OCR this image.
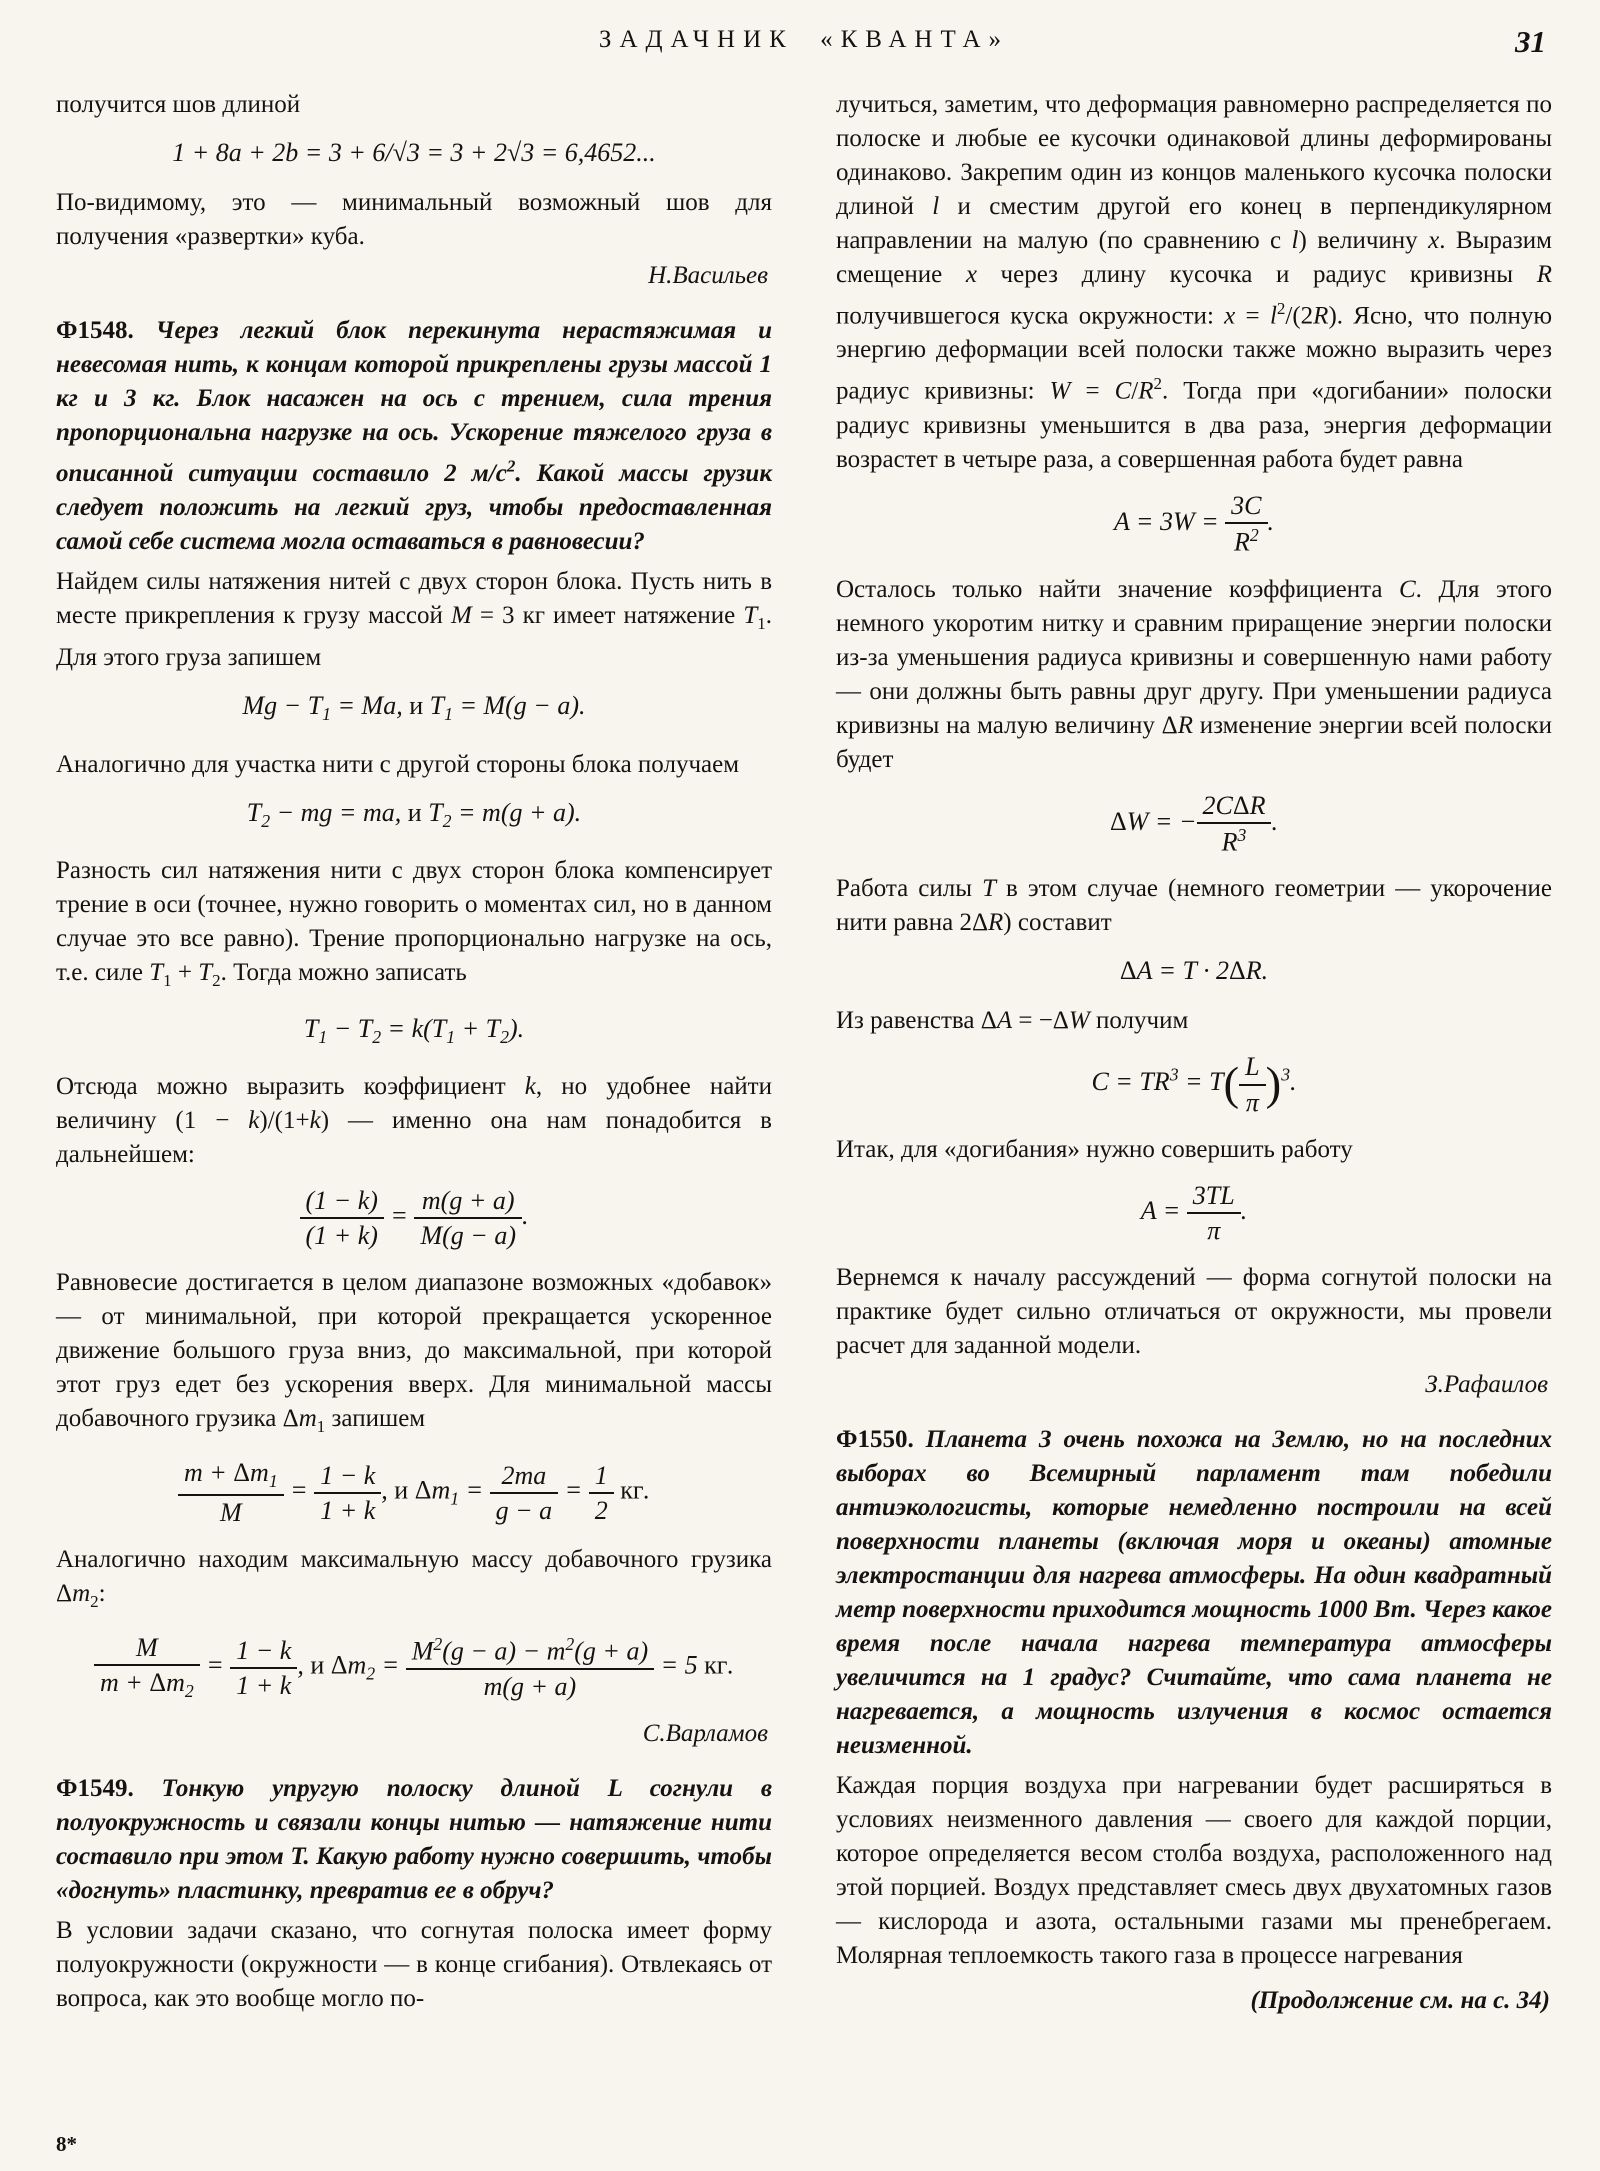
ЗАДАЧНИК «КВАНТА»	31

получится шов длиной

1 + 8a + 2b = 3 + 6/√3 = 3 + 2√3 = 6,4652...

По-видимому, это — минимальный возможный шов для получения «развертки» куба.

Н.Васильев

Ф1548. Через легкий блок перекинута нерастяжимая и невесомая нить, к концам которой прикреплены грузы массой 1 кг и 3 кг. Блок насажен на ось с трением, сила трения пропорциональна нагрузке на ось. Ускорение тяжелого груза в описанной ситуации составило 2 $м/с^2$. Какой массы грузик следует положить на легкий груз, чтобы предоставленная самой себе система могла оставаться в равновесии?

Найдем силы натяжения нитей с двух сторон блока. Пусть нить в месте прикрепления к грузу массой M = 3 кг имеет натяжение $T_1$. Для этого груза запишем

$Mg - T_1 = Ma$, и $T_1 = M(g - a)$.

Аналогично для участка нити с другой стороны блока получаем

$T_2$ − mg = ma, и $T_2 = m(g + a)$.

Разность сил натяжения нити с двух сторон блока компенсирует трение в оси (точнее, нужно говорить о моментах сил, но в данном случае это все равно). Трение пропорционально нагрузке на ось, т.е. силе $T_1 + T_2$. Тогда можно записать

$T_1 - T_2 = k(T_1 + T_2)$.

Отсюда можно выразить коэффициент k, но удобнее найти величину (1 − k)/(1+k) — именно она нам понадобится в дальнейшем:

$\frac{(1 - k)}{(1 + k)} = \frac{m(g + a)}{M(g - a)}$ .

Равновесие достигается в целом диапазоне возможных «добавок» — от минимальной, при которой прекращается ускоренное движение большого груза вниз, до максимальной, при которой этот груз едет без ускорения вверх. Для минимальной массы добавочного грузика $\Delta m_1$ запишем

$\frac{m + \Delta m_1}{M} = \frac{1 - k}{1 + k}$ , и $\Delta m_1 = \frac{2ma}{g - a} = \frac{1}{2}$ кг.

Аналогично находим максимальную массу добавочного грузика $\Delta m_2$:

$\frac{M}{m + \Delta m_2} = \frac{1 - k}{1 + k}$ , и $\Delta m_2 = \frac{M^2(g - a) - m^2(g + a)}{m(g + a)} = 5$ кг.
С.Варламов

Ф1549. Тонкую упругую полоску длиной L согнули в полуокружность и связали концы нитью — натяжение нити составило при этом T. Какую работу нужно совершить, чтобы «догнуть» пластинку, превратив ее в обруч?

В условии задачи сказано, что согнутая полоска имеет форму полуокружности (окружности — в конце сгибания). Отвлекаясь от вопроса, как это вообще могло по-

лучиться, заметим, что деформация равномерно распределяется по полоске и любые ее кусочки одинаковой длины деформированы одинаково. Закрепим один из концов маленького кусочка полоски длиной l и сместим другой его конец в перпендикулярном направлении на малую (по сравнению с l) величину x. Выразим смещение x через длину кусочка и радиус кривизны R получившегося куска окружности: $x = l^2/(2R)$. Ясно, что полную энергию деформации всей полоски также можно выразить через радиус кривизны: $W = C/R^2$. Тогда при «догибании» полоски радиус кривизны уменьшится в два раза, энергия деформации возрастет в четыре раза, а совершенная работа будет равна

$A = 3W = \frac{3C}{R^2}$ .

Осталось только найти значение коэффициента C. Для этого немного укоротим нитку и сравним приращение энергии полоски из-за уменьшения радиуса кривизны и совершенную нами работу — они должны быть равны друг другу. При уменьшении радиуса кривизны на малую величину ΔR изменение энергии всей полоски будет

ΔW = − $\frac{\text{2CΔR}}{R^3}$ .

Работа силы T в этом случае (немного геометрии — укорочение нити равна 2ΔR) составит

ΔA = T · 2ΔR.

Из равенства ΔA = −ΔW получим

$C = TR^3 = T( \frac{L}{\pi} )^3$.

Итак, для «догибания» нужно совершить работу

$A = \frac{3TL}{\pi}$ .

Вернемся к началу рассуждений — форма согнутой полоски на практике будет сильно отличаться от окружности, мы провели расчет для заданной модели.

З.Рафаилов

Ф1550. Планета З очень похожа на Землю, но на последних выборах во Всемирный парламент там победили антиэкологисты, которые немедленно построили на всей поверхности планеты (включая моря и океаны) атомные электростанции для нагрева атмосферы. На один квадратный метр поверхности приходится мощность 1000 Вт. Через какое время после начала нагрева температура атмосферы увеличится на 1 градус? Считайте, что сама планета не нагревается, а мощность излучения в космос остается неизменной.

Каждая порция воздуха при нагревании будет расширяться в условиях неизменного давления — своего для каждой порции, которое определяется весом столба воздуха, расположенного над этой порцией. Воздух представляет смесь двух двухатомных газов — кислорода и азота, остальными газами мы пренебрегаем. Молярная теплоемкость такого газа в процессе нагревания

(Продолжение см. на с. 34)
8*
